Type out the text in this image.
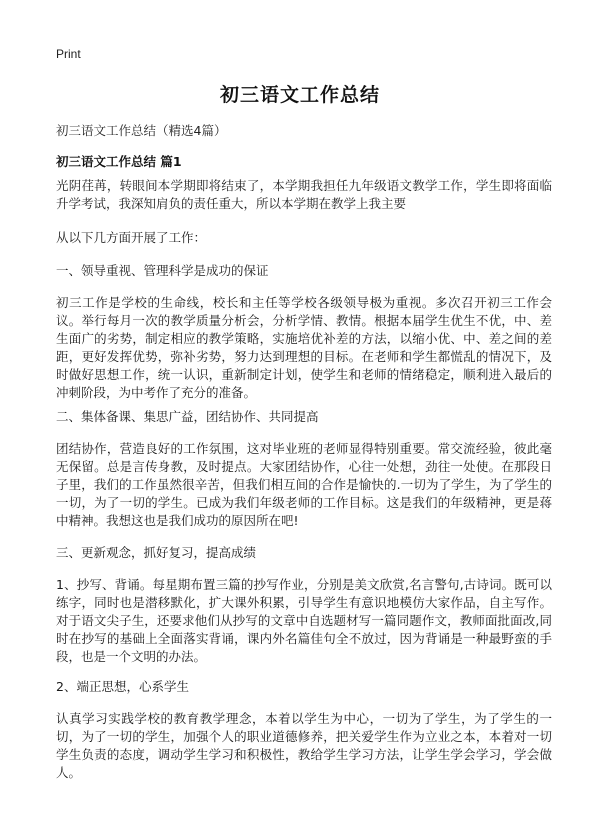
Print
初三语文工作总结
初三语文工作总结（精选4篇）
初三语文工作总结 篇1

光阴荏苒，转眼间本学期即将结束了，本学期我担任九年级语文教学工作，学生即将面临升学考试，我深知肩负的责任重大，所以本学期在教学上我主要

从以下几方面开展了工作：

一、领导重视、管理科学是成功的保证

初三工作是学校的生命线，校长和主任等学校各级领导极为重视。多次召开初三工作会议。举行每月一次的教学质量分析会，分析学情、教情。根据本届学生优生不优，中、差生面广的劣势，制定相应的教学策略，实施培优补差的方法，以缩小优、中、差之间的差距，更好发挥优势，弥补劣势，努力达到理想的目标。在老师和学生都慌乱的情况下，及时做好思想工作，统一认识，重新制定计划，使学生和老师的情绪稳定，顺利进入最后的冲刺阶段，为中考作了充分的准备。

二、集体备课、集思广益，团结协作、共同提高

团结协作，营造良好的工作氛围，这对毕业班的老师显得特别重要。常交流经验，彼此毫无保留。总是言传身教，及时提点。大家团结协作，心往一处想，劲往一处使。在那段日子里，我们的工作虽然很辛苦，但我们相互间的合作是愉快的.一切为了学生，为了学生的一切，为了一切的学生。已成为我们年级老师的工作目标。这是我们的年级精神，更是蒋中精神。我想这也是我们成功的原因所在吧!

三、更新观念，抓好复习，提高成绩

1、抄写、背诵。每星期布置三篇的抄写作业，分别是美文欣赏,名言警句,古诗词。既可以练字，同时也是潜移默化，扩大课外积累，引导学生有意识地模仿大家作品，自主写作。对于语文尖子生，还要求他们从抄写的文章中自选题材写一篇同题作文，教师面批面改,同时在抄写的基础上全面落实背诵，课内外名篇佳句全不放过，因为背诵是一种最野蛮的手段，也是一个文明的办法。

2、端正思想，心系学生

认真学习实践学校的教育教学理念，本着以学生为中心，一切为了学生，为了学生的一切，为了一切的学生，加强个人的职业道德修养，把关爱学生作为立业之本，本着对一切学生负责的态度，调动学生学习和积极性，教给学生学习方法，让学生学会学习，学会做人。
